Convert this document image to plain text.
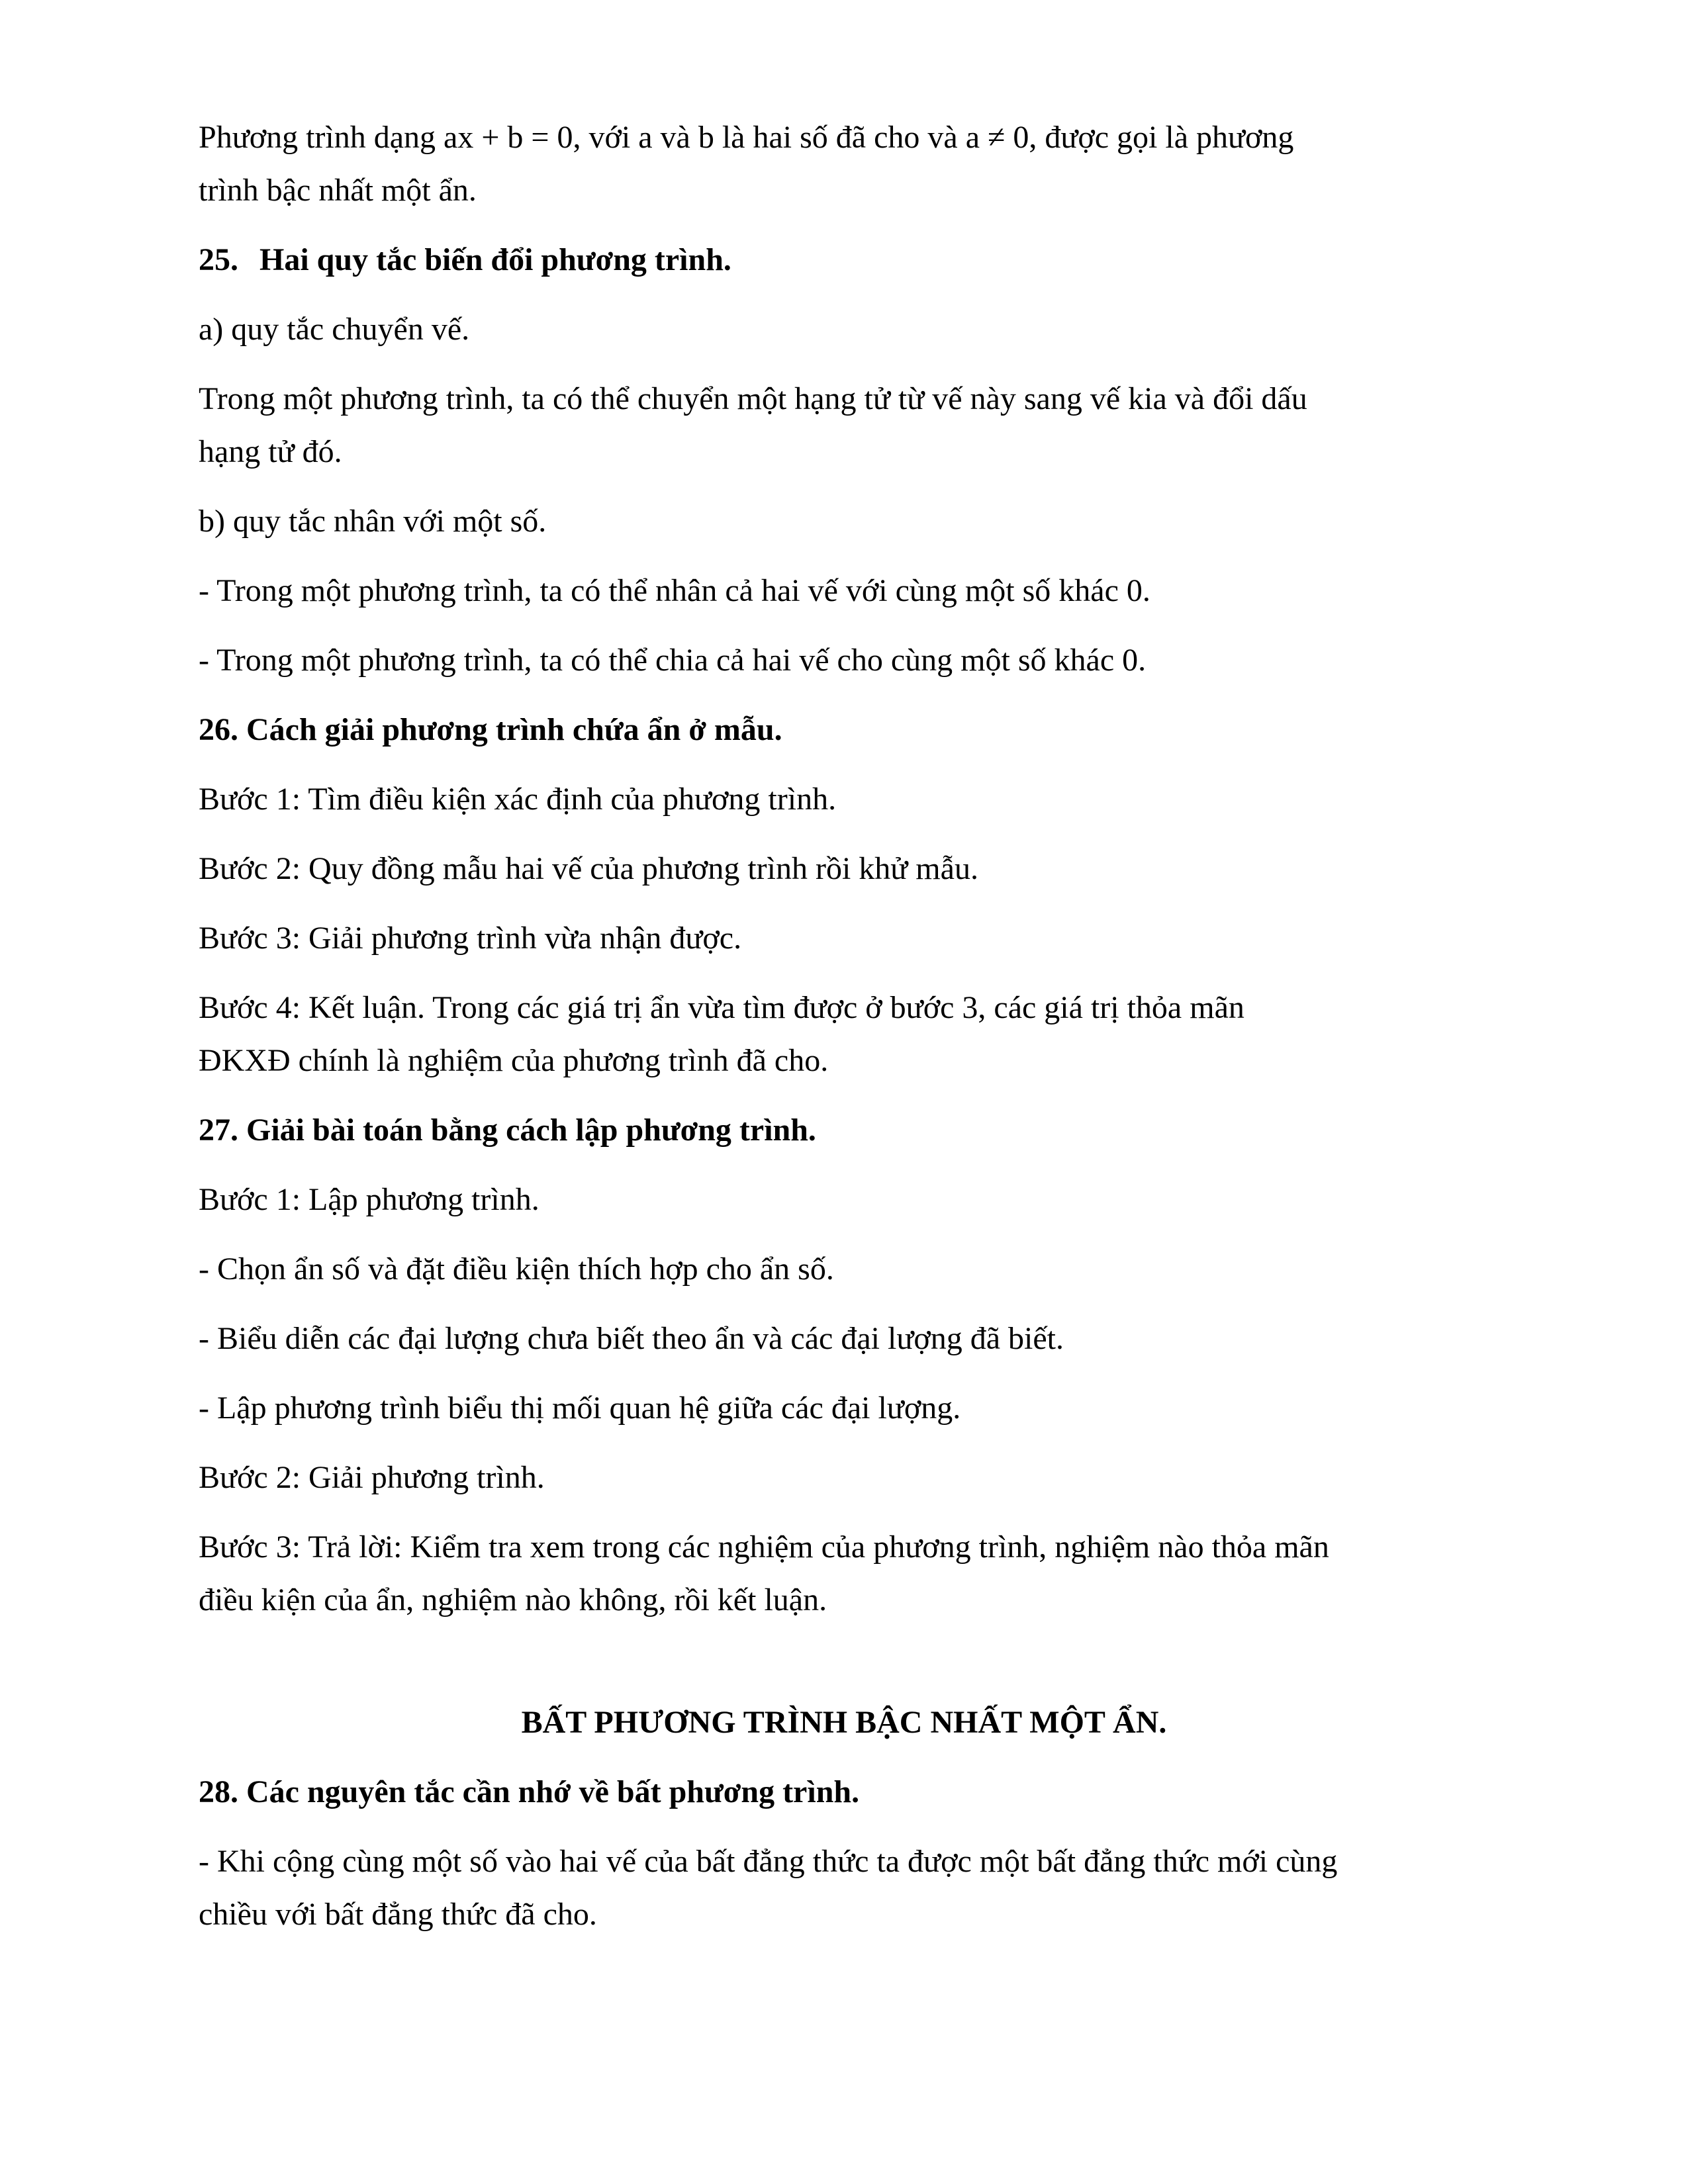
Phương trình dạng ax + b = 0, với a và b là hai số đã cho và a ≠ 0, được gọi là phương
trình bậc nhất một ẩn.
25. Hai quy tắc biến đổi phương trình.
a) quy tắc chuyển vế.
Trong một phương trình, ta có thể chuyển một hạng tử từ vế này sang vế kia và đổi dấu
hạng tử đó.
b) quy tắc nhân với một số.
- Trong một phương trình, ta có thể nhân cả hai vế với cùng một số khác 0.
- Trong một phương trình, ta có thể chia cả hai vế cho cùng một số khác 0.
26. Cách giải phương trình chứa ẩn ở mẫu.
Bước 1: Tìm điều kiện xác định của phương trình.
Bước 2: Quy đồng mẫu hai vế của phương trình rồi khử mẫu.
Bước 3: Giải phương trình vừa nhận được.
Bước 4: Kết luận. Trong các giá trị ẩn vừa tìm được ở bước 3, các giá trị thỏa mãn
ĐKXĐ chính là nghiệm của phương trình đã cho.
27. Giải bài toán bằng cách lập phương trình.
Bước 1: Lập phương trình.
- Chọn ẩn số và đặt điều kiện thích hợp cho ẩn số.
- Biểu diễn các đại lượng chưa biết theo ẩn và các đại lượng đã biết.
- Lập phương trình biểu thị mối quan hệ giữa các đại lượng.
Bước 2: Giải phương trình.
Bước 3: Trả lời: Kiểm tra xem trong các nghiệm của phương trình, nghiệm nào thỏa mãn
điều kiện của ẩn, nghiệm nào không, rồi kết luận.
BẤT PHƯƠNG TRÌNH BẬC NHẤT MỘT ẨN.
28. Các nguyên tắc cần nhớ về bất phương trình.
- Khi cộng cùng một số vào hai vế của bất đẳng thức ta được một bất đẳng thức mới cùng
chiều với bất đẳng thức đã cho.
